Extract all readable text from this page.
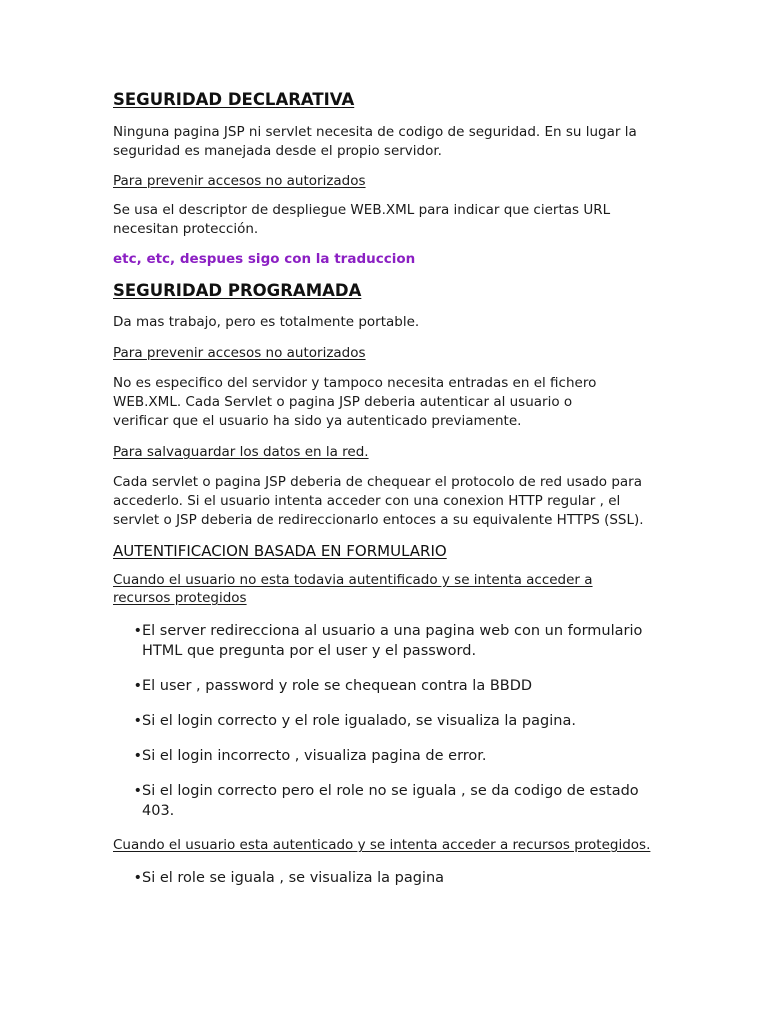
SEGURIDAD DECLARATIVA

Ninguna pagina JSP ni servlet necesita de codigo de seguridad. En su lugar la seguridad es manejada desde el propio servidor.

Para prevenir accesos no autorizados

Se usa el descriptor de despliegue WEB.XML para indicar que ciertas URL necesitan protección.

etc, etc, despues sigo con la traduccion

SEGURIDAD PROGRAMADA

Da mas trabajo, pero es totalmente portable.

Para prevenir accesos no autorizados

No es especifico del servidor y tampoco necesita entradas en el fichero WEB.XML. Cada Servlet o pagina JSP deberia autenticar al usuario o verificar que el usuario ha sido ya autenticado previamente.

Para salvaguardar los datos en la red.

Cada servlet o pagina JSP deberia de chequear el protocolo de red usado para accederlo. Si el usuario intenta acceder con una conexion HTTP regular , el servlet o JSP deberia de redireccionarlo entoces a su equivalente HTTPS (SSL).

AUTENTIFICACION BASADA EN FORMULARIO

Cuando el usuario no esta todavia autentificado y se intenta acceder a recursos protegidos

•El server redirecciona al usuario a una pagina web con un formulario HTML que pregunta por el user y el password.
•El user , password y role se chequean contra la BBDD
•Si el login correcto y el role igualado, se visualiza la pagina.
•Si el login incorrecto , visualiza pagina de error.
•Si el login correcto pero el role no se iguala , se da codigo de estado 403.

Cuando el usuario esta autenticado y se intenta acceder a recursos protegidos.

•Si el role se iguala , se visualiza la pagina
